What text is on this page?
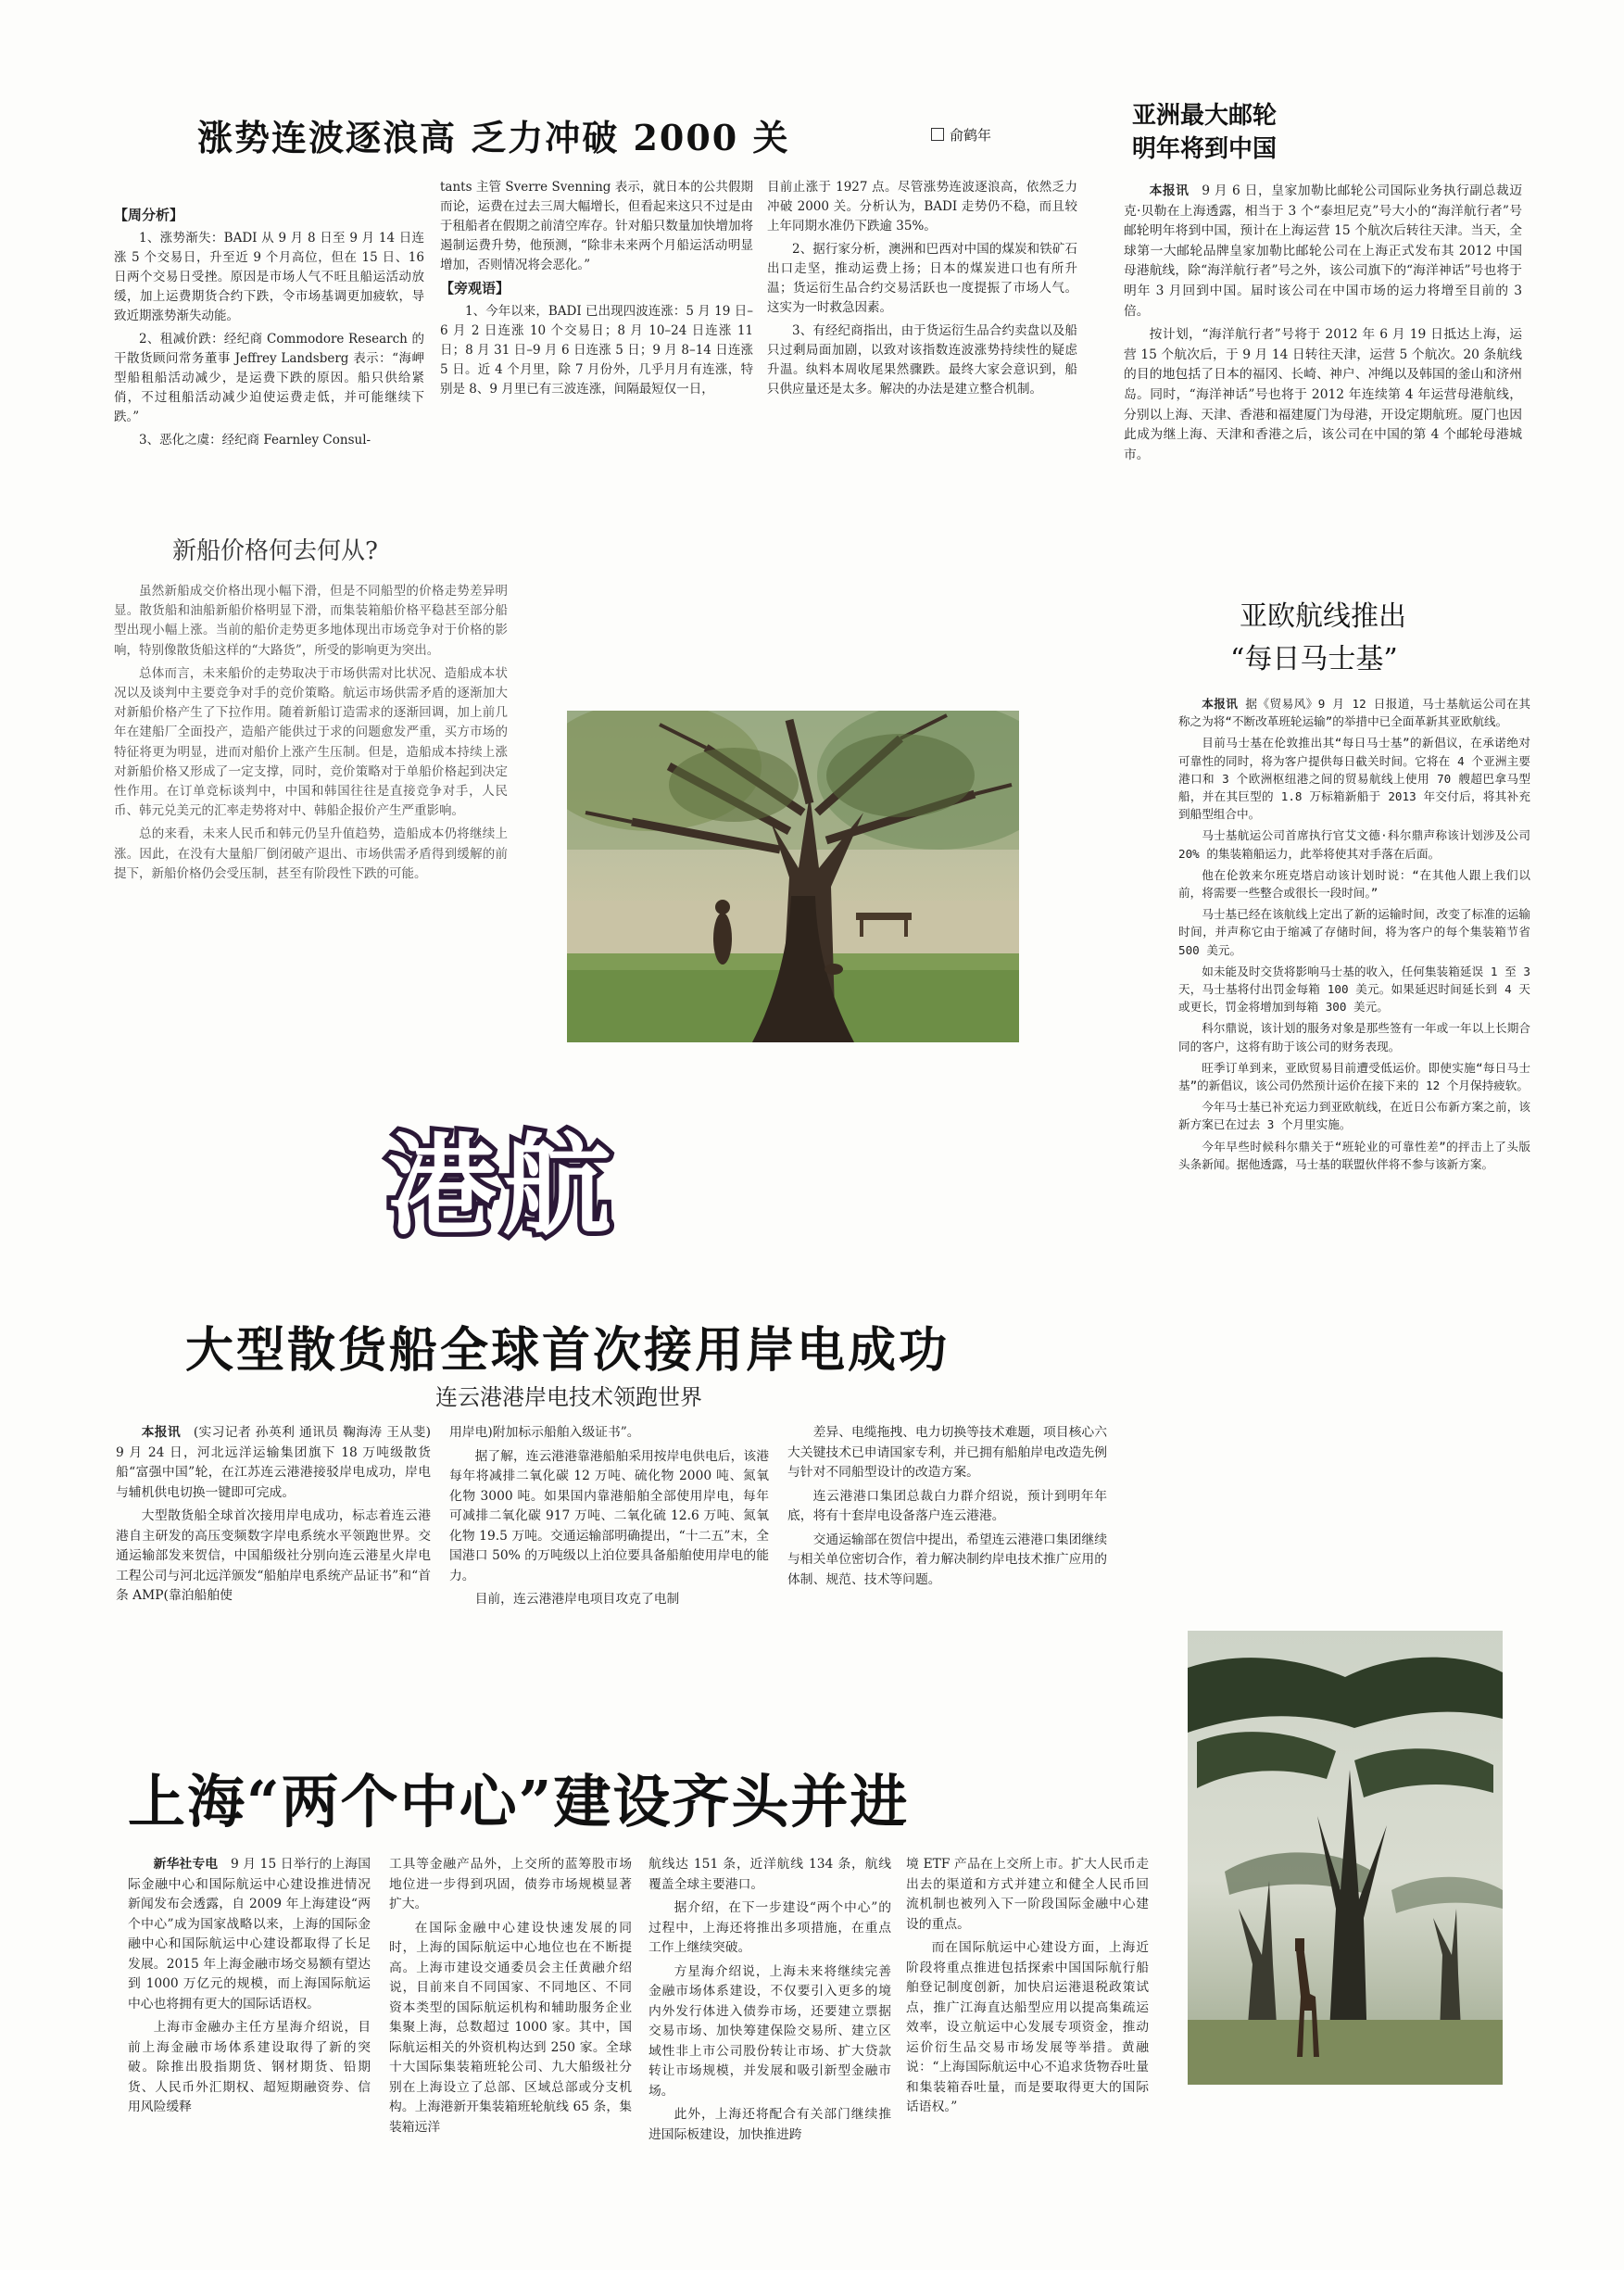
涨势连波逐浪高 乏力冲破 2000 关	俞鹤年

【周分析】

1、涨势渐失：BADI 从 9 月 8 日至 9 月 14 日连涨 5 个交易日，升至近 9 个月高位，但在 15 日、16 日两个交易日受挫。原因是市场人气不旺且船运活动放缓，加上运费期货合约下跌，令市场基调更加疲软，导致近期涨势渐失动能。

2、租减价跌：经纪商 Commodore Research 的干散货顾问常务董事 Jeffrey Landsberg 表示：“海岬型船租船活动减少，是运费下跌的原因。船只供给紧俏，不过租船活动减少迫使运费走低，并可能继续下跌。”

3、恶化之虞：经纪商 Fearnley Consul-

tants 主管 Sverre Svenning 表示，就日本的公共假期而论，运费在过去三周大幅增长，但看起来这只不过是由于租船者在假期之前清空库存。针对船只数量加快增加将遏制运费升势，他预测，“除非未来两个月船运活动明显增加，否则情况将会恶化。”

【旁观语】

1、今年以来，BADI 已出现四波连涨：5 月 19 日–6 月 2 日连涨 10 个交易日；8 月 10–24 日连涨 11 日；8 月 31 日–9 月 6 日连涨 5 日；9 月 8–14 日连涨 5 日。近 4 个月里，除 7 月份外，几乎月月有连涨，特别是 8、9 月里已有三波连涨，间隔最短仅一日，

目前止涨于 1927 点。尽管涨势连波逐浪高，依然乏力冲破 2000 关。分析认为，BADI 走势仍不稳，而且较上年同期水准仍下跌逾 35%。

2、据行家分析，澳洲和巴西对中国的煤炭和铁矿石出口走坚，推动运费上扬；日本的煤炭进口也有所升温；货运衍生品合约交易活跃也一度提振了市场人气。这实为一时救急因素。

3、有经纪商指出，由于货运衍生品合约卖盘以及船只过剩局面加剧，以致对该指数连波涨势持续性的疑虑升温。纨料本周收尾果然骤跌。最终大家会意识到，船只供应量还是太多。解决的办法是建立整合机制。

新船价格何去何从?

虽然新船成交价格出现小幅下滑，但是不同船型的价格走势差异明显。散货船和油船新船价格明显下滑，而集装箱船价格平稳甚至部分船型出现小幅上涨。当前的船价走势更多地体现出市场竞争对于价格的影响，特别像散货船这样的“大路货”，所受的影响更为突出。

总体而言，未来船价的走势取决于市场供需对比状况、造船成本状况以及谈判中主要竞争对手的竞价策略。航运市场供需矛盾的逐渐加大对新船价格产生了下拉作用。随着新船订造需求的逐渐回调，加上前几年在建船厂全面投产，造船产能供过于求的问题愈发严重，买方市场的特征将更为明显，进而对船价上涨产生压制。但是，造船成本持续上涨对新船价格又形成了一定支撑，同时，竞价策略对于单船价格起到决定性作用。在订单竞标谈判中，中国和韩国往往是直接竞争对手，人民币、韩元兑美元的汇率走势将对中、韩船企报价产生严重影响。

总的来看，未来人民币和韩元仍呈升值趋势，造船成本仍将继续上涨。因此，在没有大量船厂倒闭破产退出、市场供需矛盾得到缓解的前提下，新船价格仍会受压制，甚至有阶段性下跌的可能。

亚洲最大邮轮
明年将到中国

本报讯  9 月 6 日，皇家加勒比邮轮公司国际业务执行副总裁迈克·贝勒在上海透露，相当于 3 个“泰坦尼克”号大小的“海洋航行者”号邮轮明年将到中国，预计在上海运营 15 个航次后转往天津。当天，全球第一大邮轮品牌皇家加勒比邮轮公司在上海正式发布其 2012 中国母港航线，除“海洋航行者”号之外，该公司旗下的“海洋神话”号也将于明年 3 月回到中国。届时该公司在中国市场的运力将增至目前的 3 倍。

按计划，“海洋航行者”号将于 2012 年 6 月 19 日抵达上海，运营 15 个航次后，于 9 月 14 日转往天津，运营 5 个航次。20 条航线的目的地包括了日本的福冈、长崎、神户、冲绳以及韩国的釜山和济州岛。同时，“海洋神话”号也将于 2012 年连续第 4 年运营母港航线，分别以上海、天津、香港和福建厦门为母港，开设定期航班。厦门也因此成为继上海、天津和香港之后，该公司在中国的第 4 个邮轮母港城市。

亚欧航线推出
“每日马士基”

本报讯  据《贸易风》9 月 12 日报道，马士基航运公司在其称之为将“不断改革班轮运输”的举措中已全面革新其亚欧航线。

目前马士基在伦敦推出其“每日马士基”的新倡议，在承诺绝对可靠性的同时，将为客户提供每日截关时间。它将在 4 个亚洲主要港口和 3 个欧洲枢纽港之间的贸易航线上使用 70 艘超巴拿马型船，并在其巨型的 1.8 万标箱新船于 2013 年交付后，将其补充到船型组合中。

马士基航运公司首席执行官艾文德·科尔鼎声称该计划涉及公司 20% 的集装箱船运力，此举将使其对手落在后面。

他在伦敦来尔班克塔启动该计划时说：“在其他人跟上我们以前，将需要一些整合或很长一段时间。”

马士基已经在该航线上定出了新的运输时间，改变了标准的运输时间，并声称它由于缩减了存储时间，将为客户的每个集装箱节省 500 美元。

如未能及时交货将影响马士基的收入，任何集装箱延误 1 至 3 天，马士基将付出罚金每箱 100 美元。如果延迟时间延长到 4 天或更长，罚金将增加到每箱 300 美元。

科尔鼎说，该计划的服务对象是那些签有一年或一年以上长期合同的客户，这将有助于该公司的财务表现。

旺季订单到来，亚欧贸易目前遭受低运价。即使实施“每日马士基”的新倡议，该公司仍然预计运价在接下来的 12 个月保持疲软。

今年马士基已补充运力到亚欧航线，在近日公布新方案之前，该新方案已在过去 3 个月里实施。

今年早些时候科尔鼎关于“班轮业的可靠性差”的抨击上了头版头条新闻。据他透露，马士基的联盟伙伴将不参与该新方案。

港航
大型散货船全球首次接用岸电成功
连云港港岸电技术领跑世界

本报讯  (实习记者 孙英利 通讯员 鞠海涛 王从斐) 9 月 24 日，河北远洋运输集团旗下 18 万吨级散货船“富强中国”轮，在江苏连云港港接驳岸电成功，岸电与辅机供电切换一键即可完成。

大型散货船全球首次接用岸电成功，标志着连云港港自主研发的高压变频数字岸电系统水平领跑世界。交通运输部发来贺信，中国船级社分别向连云港星火岸电工程公司与河北远洋颁发“船舶岸电系统产品证书”和“首条 AMP(靠泊船舶使

用岸电)附加标示船舶入级证书”。

据了解，连云港港靠港船舶采用按岸电供电后，该港每年将减排二氧化碳 12 万吨、硫化物 2000 吨、氮氧化物 3000 吨。如果国内靠港船舶全部使用岸电，每年可减排二氧化碳 917 万吨、二氧化硫 12.6 万吨、氮氧化物 19.5 万吨。交通运输部明确提出，“十二五”末，全国港口 50% 的万吨级以上泊位要具备船舶使用岸电的能力。

目前，连云港港岸电项目攻克了电制

差异、电缆拖拽、电力切换等技术难题，项目核心六大关键技术已申请国家专利，并已拥有船舶岸电改造先例与针对不同船型设计的改造方案。

连云港港口集团总裁白力群介绍说，预计到明年年底，将有十套岸电设备落户连云港港。

交通运输部在贺信中提出，希望连云港港口集团继续与相关单位密切合作，着力解决制约岸电技术推广应用的体制、规范、技术等问题。

上海“两个中心”建设齐头并进

新华社专电  9 月 15 日举行的上海国际金融中心和国际航运中心建设推进情况新闻发布会透露，自 2009 年上海建设“两个中心”成为国家战略以来，上海的国际金融中心和国际航运中心建设都取得了长足发展。2015 年上海金融市场交易额有望达到 1000 万亿元的规模，而上海国际航运中心也将拥有更大的国际话语权。

上海市金融办主任方星海介绍说，目前上海金融市场体系建设取得了新的突破。除推出股指期货、钢材期货、铅期货、人民币外汇期权、超短期融资券、信用风险缓释

工具等金融产品外，上交所的蓝筹股市场地位进一步得到巩固，债券市场规模显著扩大。

在国际金融中心建设快速发展的同时，上海的国际航运中心地位也在不断提高。上海市建设交通委员会主任黄融介绍说，目前来自不同国家、不同地区、不同资本类型的国际航运机构和辅助服务企业集聚上海，总数超过 1000 家。其中，国际航运相关的外资机构达到 250 家。全球十大国际集装箱班轮公司、九大船级社分别在上海设立了总部、区域总部或分支机构。上海港新开集装箱班轮航线 65 条，集装箱远洋

航线达 151 条，近洋航线 134 条，航线覆盖全球主要港口。

据介绍，在下一步建设“两个中心”的过程中，上海还将推出多项措施，在重点工作上继续突破。

方星海介绍说，上海未来将继续完善金融市场体系建设，不仅要引入更多的境内外发行体进入债券市场，还要建立票据交易市场、加快筹建保险交易所、建立区域性非上市公司股份转让市场、扩大贷款转让市场规模，并发展和吸引新型金融市场。

此外，上海还将配合有关部门继续推进国际板建设，加快推进跨

境 ETF 产品在上交所上市。扩大人民币走出去的渠道和方式并建立和健全人民币回流机制也被列入下一阶段国际金融中心建设的重点。

而在国际航运中心建设方面，上海近阶段将重点推进包括探索中国国际航行船舶登记制度创新，加快启运港退税政策试点，推广江海直达船型应用以提高集疏运效率，设立航运中心发展专项资金，推动运价衍生品交易市场发展等举措。黄融说：“上海国际航运中心不追求货物吞吐量和集装箱吞吐量，而是要取得更大的国际话语权。”
